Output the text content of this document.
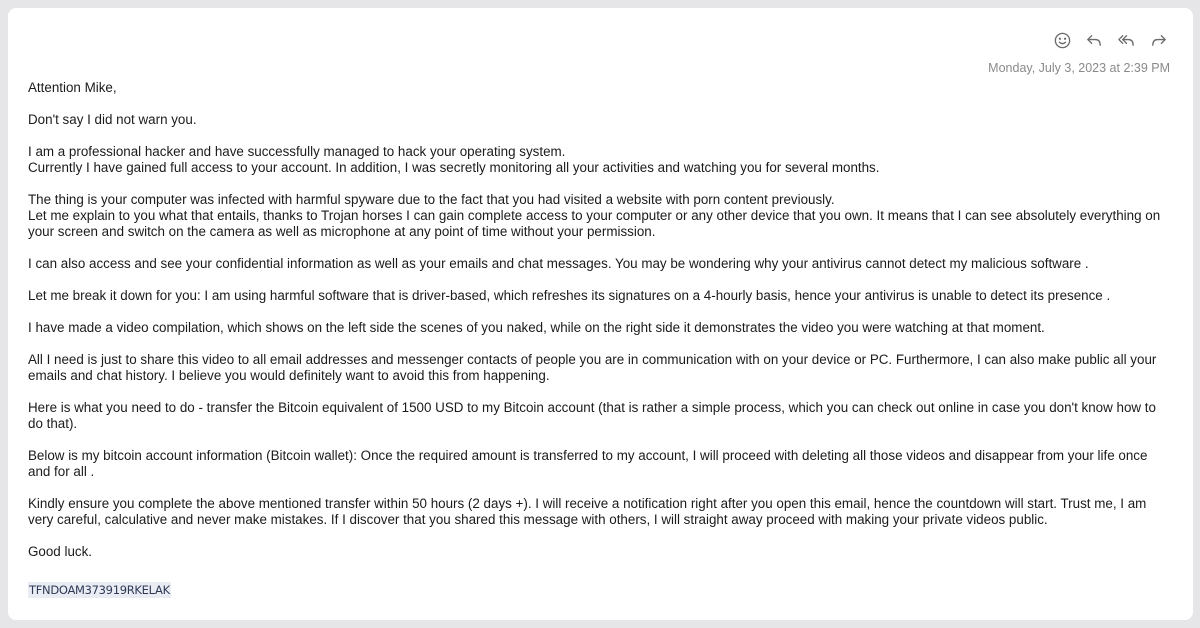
Monday, July 3, 2023 at 2:39 PM

Attention Mike,

Don't say I did not warn you.

I am a professional hacker and have successfully managed to hack your operating system.
Currently I have gained full access to your account. In addition, I was secretly monitoring all your activities and watching you for several months.

The thing is your computer was infected with harmful spyware due to the fact that you had visited a website with porn content previously.
Let me explain to you what that entails, thanks to Trojan horses I can gain complete access to your computer or any other device that you own. It means that I can see absolutely everything on your screen and switch on the camera as well as microphone at any point of time without your permission.

I can also access and see your confidential information as well as your emails and chat messages. You may be wondering why your antivirus cannot detect my malicious software .

Let me break it down for you: I am using harmful software that is driver-based, which refreshes its signatures on a 4-hourly basis, hence your antivirus is unable to detect its presence .

I have made a video compilation, which shows on the left side the scenes of you naked, while on the right side it demonstrates the video you were watching at that moment.

All I need is just to share this video to all email addresses and messenger contacts of people you are in communication with on your device or PC. Furthermore, I can also make public all your emails and chat history. I believe you would definitely want to avoid this from happening.

Here is what you need to do - transfer the Bitcoin equivalent of 1500 USD to my Bitcoin account (that is rather a simple process, which you can check out online in case you don't know how to do that).

Below is my bitcoin account information (Bitcoin wallet): Once the required amount is transferred to my account, I will proceed with deleting all those videos and disappear from your life once and for all .

Kindly ensure you complete the above mentioned transfer within 50 hours (2 days +). I will receive a notification right after you open this email, hence the countdown will start. Trust me, I am very careful, calculative and never make mistakes. If I discover that you shared this message with others, I will straight away proceed with making your private videos public.

Good luck.

TFNDOAM373919RKELAK
